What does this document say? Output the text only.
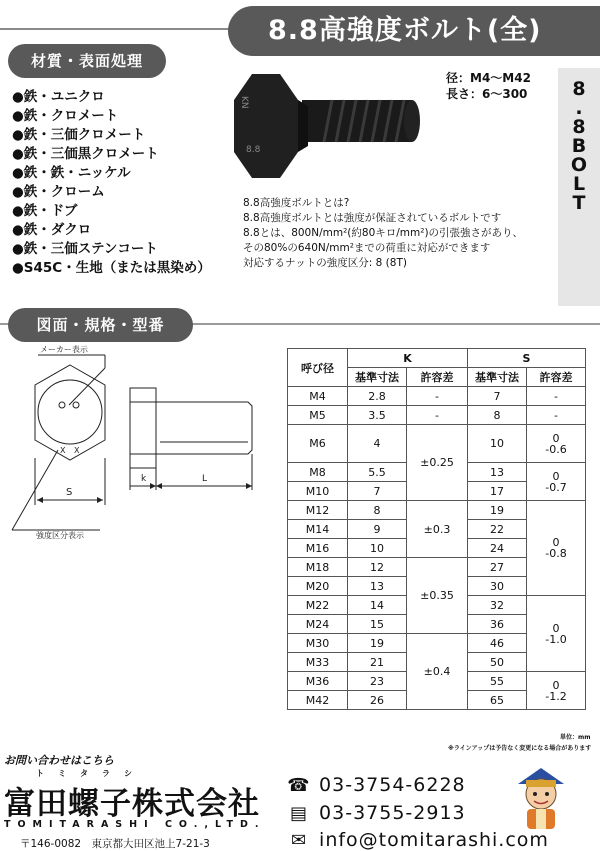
8.8高強度ボルト(全)
材質・表面処理
図面・規格・型番
●鉄・ユニクロ
●鉄・クロメート
●鉄・三価クロメート
●鉄・三価黒クロメート
●鉄・鉄・ニッケル
●鉄・クローム
●鉄・ドブ
●鉄・ダクロ
●鉄・三価ステンコート
●S45C・生地（または黒染め）
KN
8.8
径：M4〜M42
長さ：6〜300	8
.
8
B
O
L
T
8.8高強度ボルトとは?
8.8高強度ボルトとは強度が保証されているボルトです
8.8とは、800N/mm²(約80キロ/mm²)の引張強さがあり、
その80%の640N/mm²までの荷重に対応ができます
対応するナットの強度区分: 8 (8T)
メーカー表示
強度区分表示
S
k	L
X X
呼び径	K		S	
	基準寸法	許容差	基準寸法	許容差
M4	2.8	-	7	-
M5	3.5	-	8	-
M6	4	±0.25	10	0
-0.6
M8	5.5		13	0
-0.7
M10	7		17	
M12	8	±0.3	19	0
-0.8
M14	9		22	
M16	10		24	
M18	12	±0.35	27	
M20	13		30	
M22	14		32	0
-1.0
M24	15		36	
M30	19	±0.4	46	
M33	21		50	
M36	23		55	0
-1.2
M42	26		65	
単位：mm
※ラインアップは予告なく変更になる場合があります
お問い合わせはこちら
トミタラシ
富田螺子株式会社
TOMITARASHI CO.,LTD.
〒146-0082　東京都大田区池上7-21-3
☎ 03-3754-6228
▤ 03-3755-2913
✉ info@tomitarashi.com
